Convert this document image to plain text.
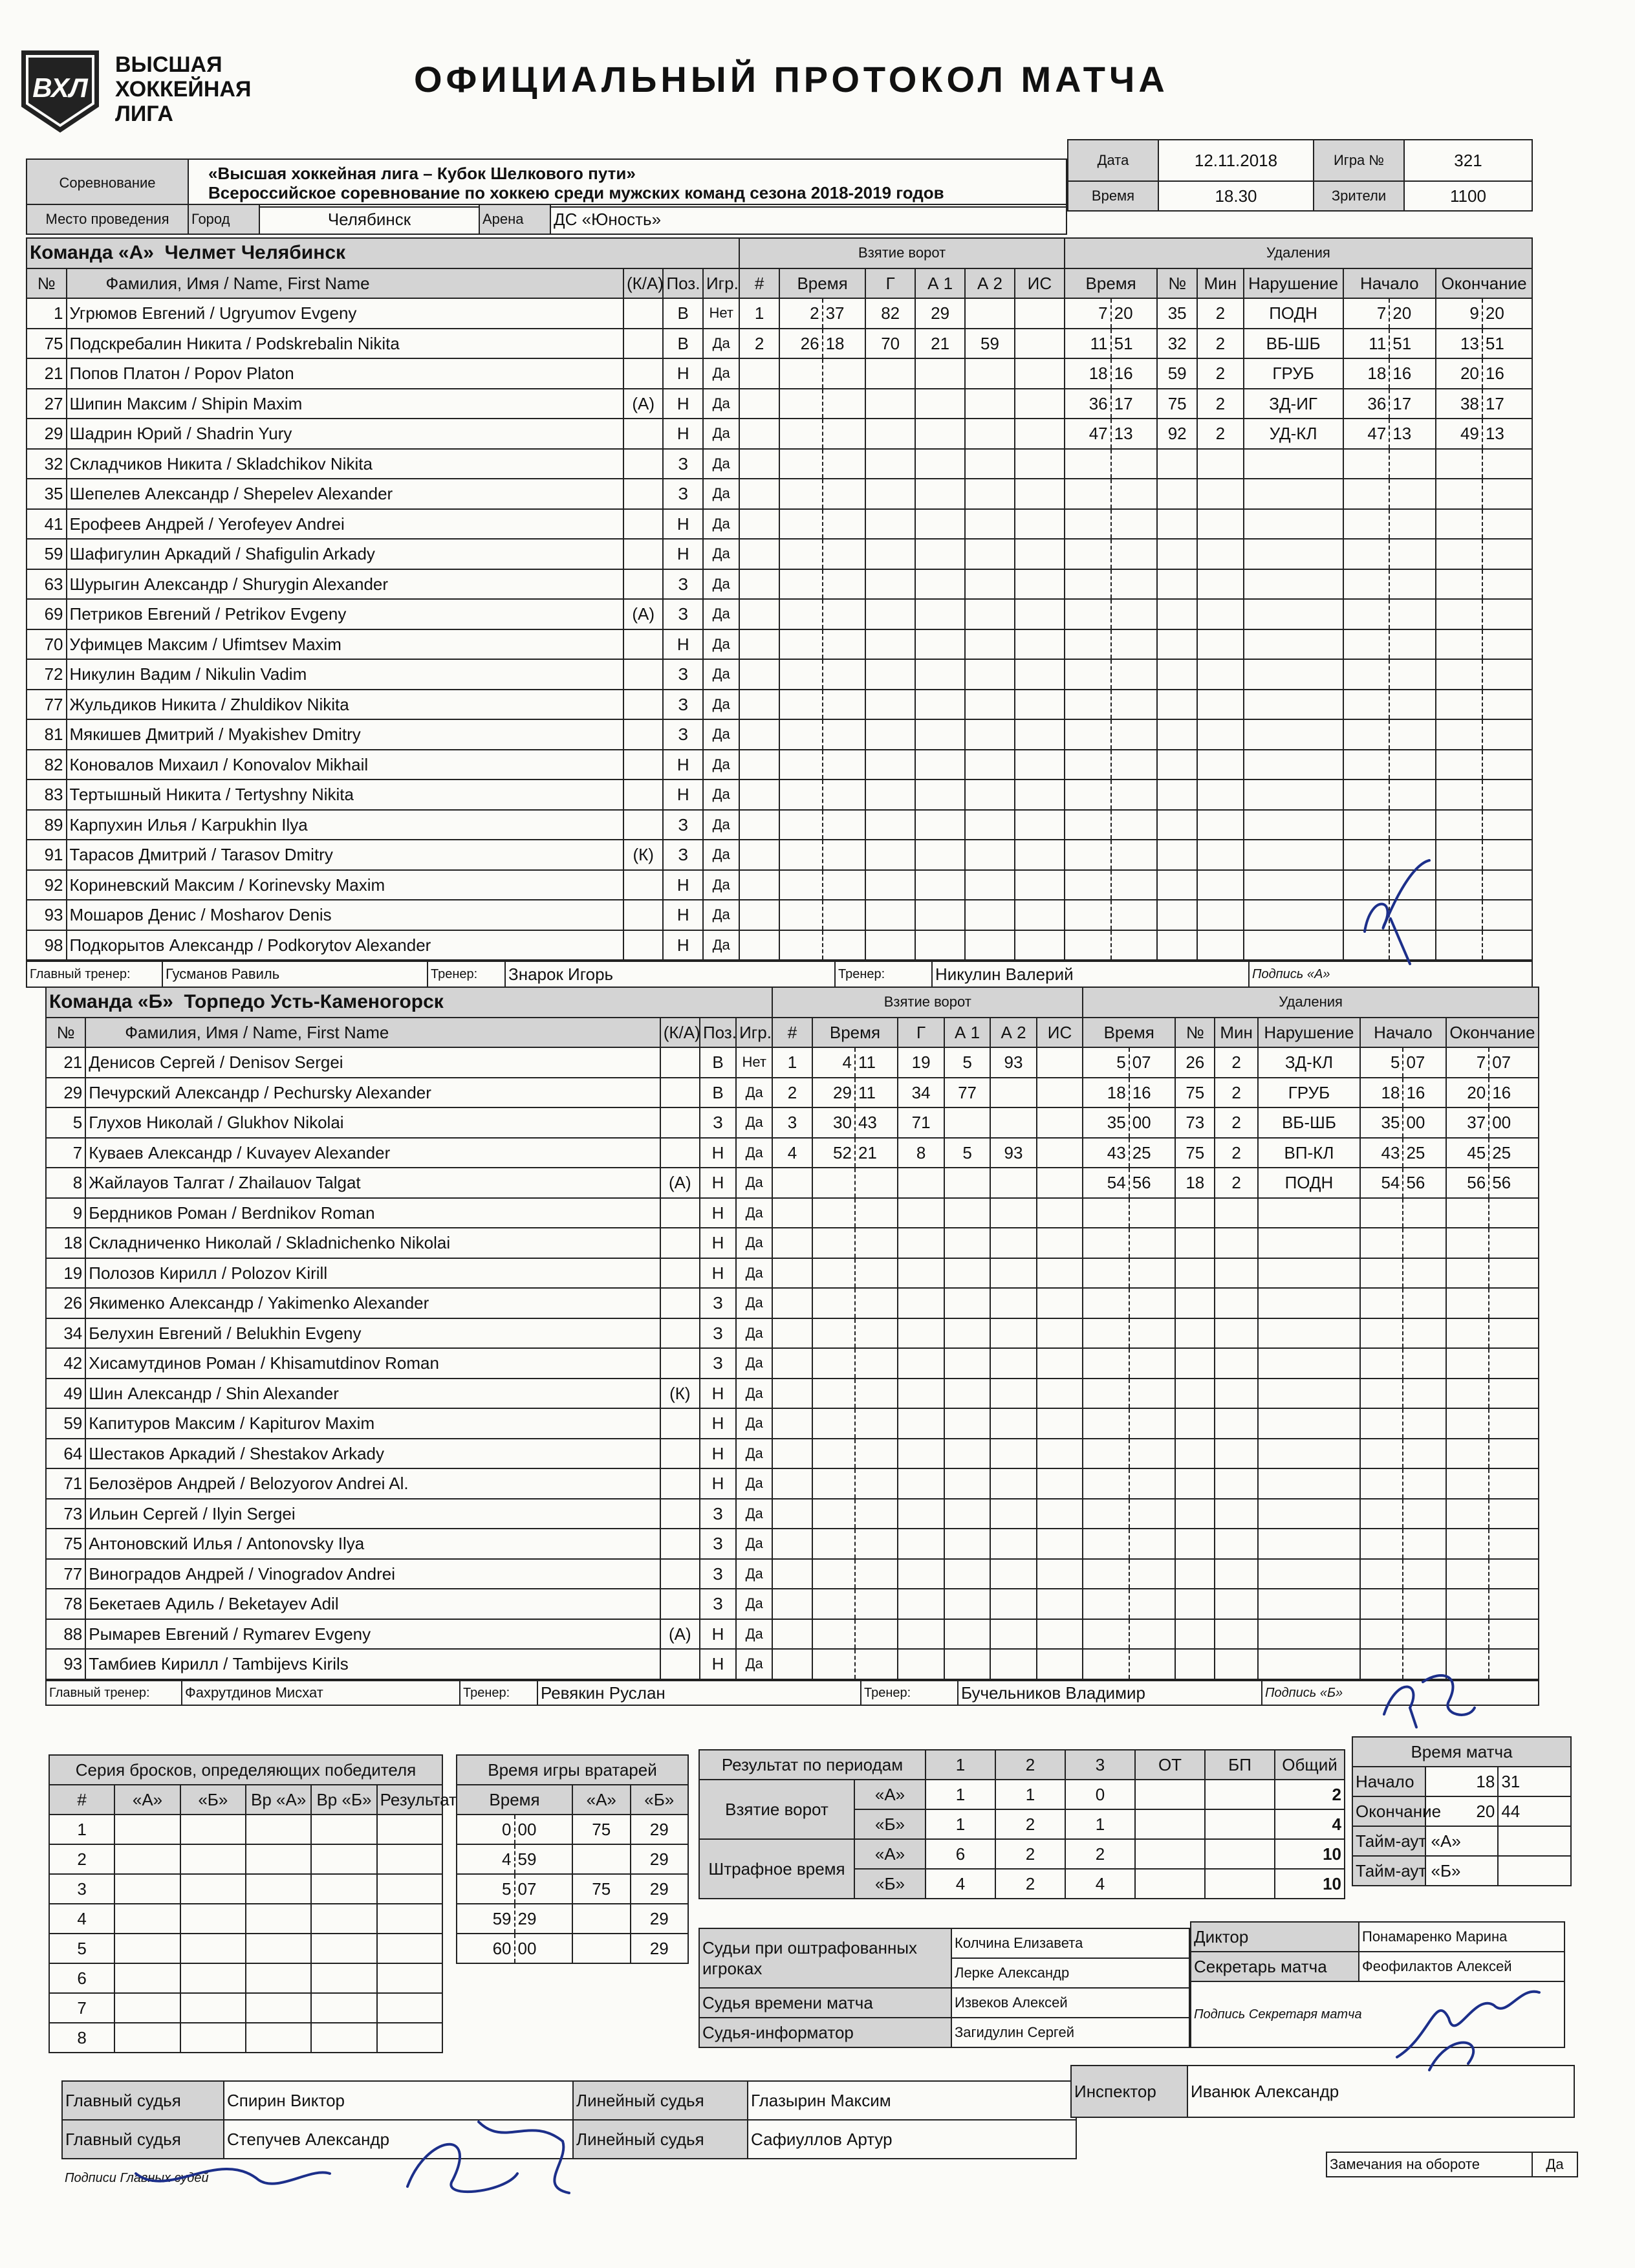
ВХЛ
ВЫСШАЯ
ХОККЕЙНАЯ
ЛИГА
ОФИЦИАЛЬНЫЙ ПРОТОКОЛ МАТЧА
Соревнование	«Высшая хоккейная лига – Кубок Шелкового пути»
Всероссийское соревнование по хоккею среди мужских команд сезона 2018-2019 годов
Место проведения	Город	Челябинск	Арена	ДС «Юность»
Дата	12.11.2018	Игра №	321
Время	18.30	Зрители	1100
Команда «А» Челмет Челябинск					Взятие ворот							Удаления								
№	Фамилия, Имя / Name, First Name	(К/А)	Поз.	Игр.	#	Время		Г	А 1	А 2	ИС	Время		№	Мин	Нарушение	Начало		Окончание	
1	Угрюмов Евгений / Ugryumov Evgeny		В	Нет	1	2	37	82	29			7	20	35	2	ПОДН	7	20	9	20
75	Подскребалин Никита / Podskrebalin Nikita		В	Да	2	26	18	70	21	59		11	51	32	2	ВБ-ШБ	11	51	13	51
21	Попов Платон / Popov Platon		Н	Да								18	16	59	2	ГРУБ	18	16	20	16
27	Шипин Максим / Shipin Maxim	(А)	Н	Да								36	17	75	2	ЗД-ИГ	36	17	38	17
29	Шадрин Юрий / Shadrin Yury		Н	Да								47	13	92	2	УД-КЛ	47	13	49	13
32	Складчиков Никита / Skladchikov Nikita		З	Да																
35	Шепелев Александр / Shepelev Alexander		З	Да																
41	Ерофеев Андрей / Yerofeyev Andrei		Н	Да																
59	Шафигулин Аркадий / Shafigulin Arkady		Н	Да																
63	Шурыгин Александр / Shurygin Alexander		З	Да																
69	Петриков Евгений / Petrikov Evgeny	(А)	З	Да																
70	Уфимцев Максим / Ufimtsev Maxim		Н	Да																
72	Никулин Вадим / Nikulin Vadim		З	Да																
77	Жульдиков Никита / Zhuldikov Nikita		З	Да																
81	Мякишев Дмитрий / Myakishev Dmitry		З	Да																
82	Коновалов Михаил / Konovalov Mikhail		Н	Да																
83	Тертышный Никита / Tertyshny Nikita		Н	Да																
89	Карпухин Илья / Karpukhin Ilya		З	Да																
91	Тарасов Дмитрий / Tarasov Dmitry	(К)	З	Да																
92	Кориневский Максим / Korinevsky Maxim		Н	Да																
93	Мошаров Денис / Mosharov Denis		Н	Да																
98	Подкорытов Александр / Podkorytov Alexander		Н	Да																
Главный тренер:	Гусманов Равиль	Тренер:	Знарок Игорь	Тренер:	Никулин Валерий	Подпись «А»
Команда «Б» Торпедо Усть-Каменогорск					Взятие ворот							Удаления								
№	Фамилия, Имя / Name, First Name	(К/А)	Поз.	Игр.	#	Время		Г	А 1	А 2	ИС	Время		№	Мин	Нарушение	Начало		Окончание	
21	Денисов Сергей / Denisov Sergei		В	Нет	1	4	11	19	5	93		5	07	26	2	ЗД-КЛ	5	07	7	07
29	Печурский Александр / Pechursky Alexander		В	Да	2	29	11	34	77			18	16	75	2	ГРУБ	18	16	20	16
5	Глухов Николай / Glukhov Nikolai		З	Да	3	30	43	71				35	00	73	2	ВБ-ШБ	35	00	37	00
7	Куваев Александр / Kuvayev Alexander		Н	Да	4	52	21	8	5	93		43	25	75	2	ВП-КЛ	43	25	45	25
8	Жайлауов Талгат / Zhailauov Talgat	(А)	Н	Да								54	56	18	2	ПОДН	54	56	56	56
9	Бердников Роман / Berdnikov Roman		Н	Да																
18	Складниченко Николай / Skladnichenko Nikolai		Н	Да																
19	Полозов Кирилл / Polozov Kirill		Н	Да																
26	Якименко Александр / Yakimenko Alexander		З	Да																
34	Белухин Евгений / Belukhin Evgeny		З	Да																
42	Хисамутдинов Роман / Khisamutdinov Roman		З	Да																
49	Шин Александр / Shin Alexander	(К)	Н	Да																
59	Капитуров Максим / Kapiturov Maxim		Н	Да																
64	Шестаков Аркадий / Shestakov Arkady		Н	Да																
71	Белозёров Андрей / Belozyorov Andrei Al.		Н	Да																
73	Ильин Сергей / Ilyin Sergei		З	Да																
75	Антоновский Илья / Antonovsky Ilya		З	Да																
77	Виноградов Андрей / Vinogradov Andrei		З	Да																
78	Бекетаев Адиль / Beketayev Adil		З	Да																
88	Рымарев Евгений / Rymarev Evgeny	(А)	Н	Да																
93	Тамбиев Кирилл / Tambijevs Kirils		Н	Да																
Главный тренер:	Фахрутдинов Мисхат	Тренер:	Ревякин Руслан	Тренер:	Бучельников Владимир	Подпись «Б»
Серия бросков, определяющих победителя					
#	«А»	«Б»	Вр «А»	Вр «Б»	Результат
1					
2					
3					
4					
5					
6					
7					
8					
Время игры вратарей			
Время		«А»	«Б»
0	00	75	29
4	59		29
5	07	75	29
59	29		29
60	00		29
Результат по периодам		1	2	3	ОТ	БП	Общий
Взятие ворот	«А»	1	1	0			2
	«Б»	1	2	1			4
Штрафное время	«А»	6	2	2			10
	«Б»	4	2	4			10
Время матча		
Начало	18	31
Окончание	20	44
Тайм-аут «А»		
Тайм-аут «Б»		
Судьи при оштрафованных игроках	Колчина Елизавета
	Лерке Александр
Судья времени матча	Извеков Алексей
Судья-информатор	Загидулин Сергей
Диктор	Понамаренко Марина
Секретарь матча	Феофилактов Алексей
Подпись Секретаря матча	
Главный судья	Спирин Виктор	Линейный судья	Глазырин Максим
Главный судья	Степучев Александр	Линейный судья	Сафиуллов Артур
Подписи Главных судей
Инспектор	Иванюк Александр
Замечания на обороте	Да
